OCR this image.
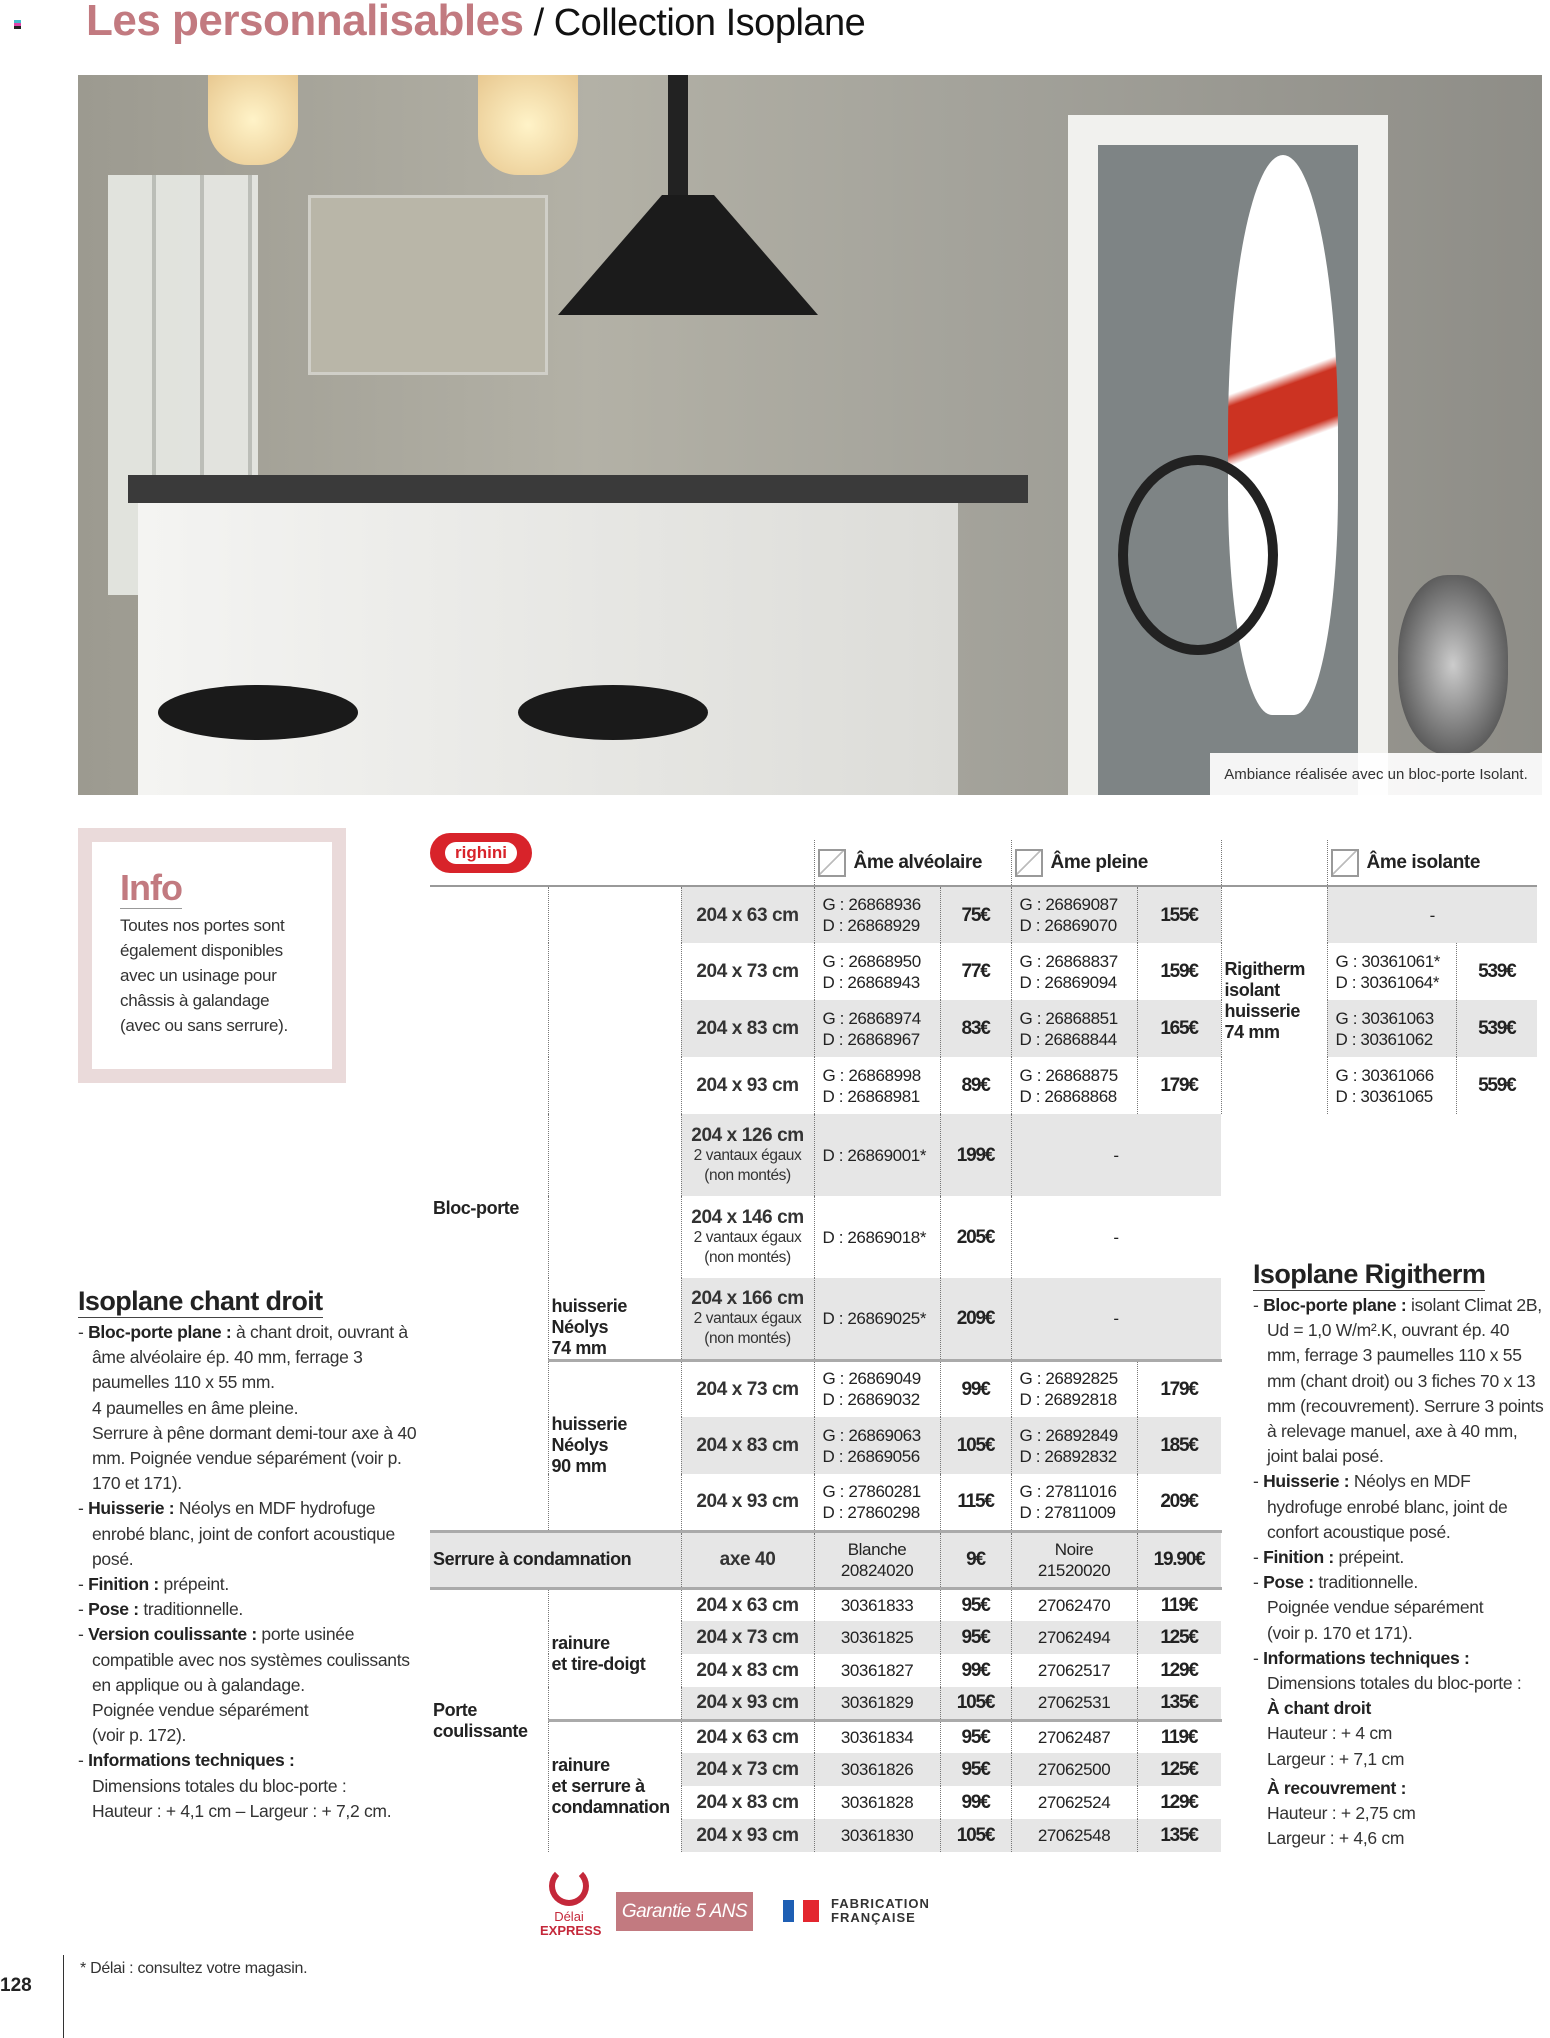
Les personnalisables / Collection Isoplane
Ambiance réalisée avec un bloc-porte Isolant.
Info

Toutes nos portes sont
également disponibles
avec un usinage pour
châssis à galandage
(avec ou sans serrure).

			Âme alvéolaire		Âme pleine			Âme isolante	
Bloc-porte	huisserie
Néolys
74 mm	204 x 63 cm	G : 26868936
D : 26868929	75€	G : 26869087
D : 26869070	155€	Rigitherm
isolant
huisserie
74 mm	-	
		204 x 73 cm	G : 26868950
D : 26868943	77€	G : 26868837
D : 26869094	159€		G : 30361061*
D : 30361064*	539€
		204 x 83 cm	G : 26868974
D : 26868967	83€	G : 26868851
D : 26868844	165€		G : 30361063
D : 30361062	539€
		204 x 93 cm	G : 26868998
D : 26868981	89€	G : 26868875
D : 26868868	179€		G : 30361066
D : 30361065	559€
		204 x 126 cm
2 vantaux égaux
(non montés)	D : 26869001*	199€	-				
		204 x 146 cm
2 vantaux égaux
(non montés)	D : 26869018*	205€	-				
		204 x 166 cm
2 vantaux égaux
(non montés)	D : 26869025*	209€	-				
	huisserie
Néolys
90 mm	204 x 73 cm	G : 26869049
D : 26869032	99€	G : 26892825
D : 26892818	179€			
		204 x 83 cm	G : 26869063
D : 26869056	105€	G : 26892849
D : 26892832	185€			
		204 x 93 cm	G : 27860281
D : 27860298	115€	G : 27811016
D : 27811009	209€			
Serrure à condamnation		axe 40	Blanche
20824020	9€	Noire
21520020	19.90€			
Porte
coulissante	rainure
et tire-doigt	204 x 63 cm	30361833	95€	27062470	119€			
		204 x 73 cm	30361825	95€	27062494	125€			
		204 x 83 cm	30361827	99€	27062517	129€			
		204 x 93 cm	30361829	105€	27062531	135€			
	rainure
et serrure à
condamnation	204 x 63 cm	30361834	95€	27062487	119€			
		204 x 73 cm	30361826	95€	27062500	125€			
		204 x 83 cm	30361828	99€	27062524	129€			
		204 x 93 cm	30361830	105€	27062548	135€			
righini
Isoplane chant droit
- Bloc-porte plane : à chant droit, ouvrant à âme alvéolaire ép. 40 mm, ferrage 3 paumelles 110 x 55 mm.
4 paumelles en âme pleine.
Serrure à pêne dormant demi-tour axe à 40 mm. Poignée vendue séparément (voir p. 170 et 171).
- Huisserie : Néolys en MDF hydrofuge enrobé blanc, joint de confort acoustique posé.
- Finition : prépeint.
- Pose : traditionnelle.
- Version coulissante : porte usinée compatible avec nos systèmes coulissants en applique ou à galandage.
Poignée vendue séparément
(voir p. 172).
- Informations techniques :
Dimensions totales du bloc-porte :
Hauteur : + 4,1 cm – Largeur : + 7,2 cm.
Isoplane Rigitherm
- Bloc-porte plane : isolant Climat 2B, Ud = 1,0 W/m².K, ouvrant ép. 40 mm, ferrage 3 paumelles 110 x 55 mm (chant droit) ou 3 fiches 70 x 13 mm (recouvrement). Serrure 3 points à relevage manuel, axe à 40 mm, joint balai posé.
- Huisserie : Néolys en MDF hydrofuge enrobé blanc, joint de confort acoustique posé.
- Finition : prépeint.
- Pose : traditionnelle.
Poignée vendue séparément
(voir p. 170 et 171).
- Informations techniques :
Dimensions totales du bloc-porte :
À chant droit
Hauteur : + 4 cm
Largeur : + 7,1 cm
À recouvrement :
Hauteur : + 2,75 cm
Largeur : + 4,6 cm
Délai
EXPRESS
Garantie 5 ANS	FABRICATION
FRANÇAISE
128
* Délai : consultez votre magasin.
